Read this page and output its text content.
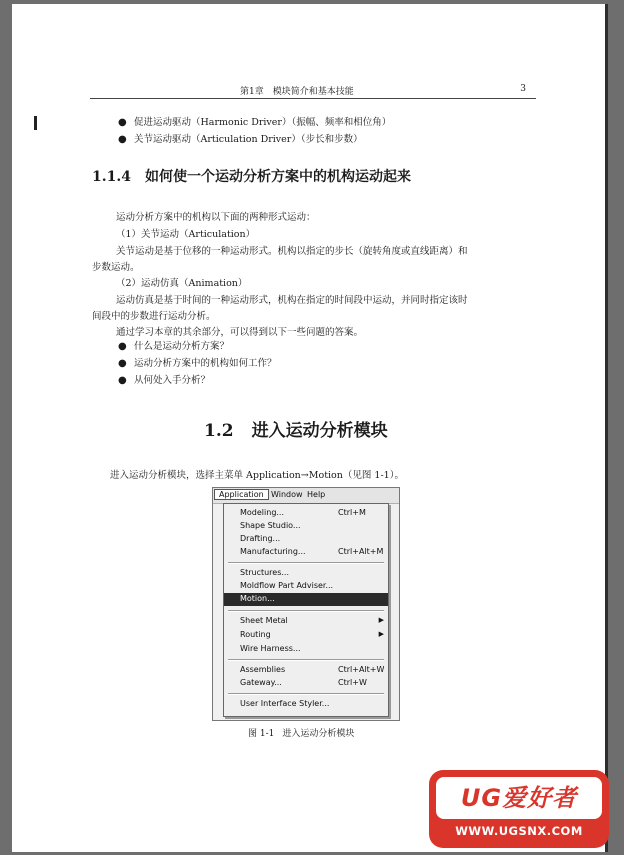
第1章　模块简介和基本技能	3
● 促进运动驱动（Harmonic Driver）（振幅、频率和相位角）
● 关节运动驱动（Articulation Driver）（步长和步数）
1.1.4 如何使一个运动分析方案中的机构运动起来
运动分析方案中的机构以下面的两种形式运动：
（1）关节运动（Articulation）
关节运动是基于位移的一种运动形式。机构以指定的步长（旋转角度或直线距离）和
步数运动。
（2）运动仿真（Animation）
运动仿真是基于时间的一种运动形式，机构在指定的时间段中运动，并同时指定该时
间段中的步数进行运动分析。
通过学习本章的其余部分，可以得到以下一些问题的答案。
● 什么是运动分析方案？
● 运动分析方案中的机构如何工作？
● 从何处入手分析？
1.2 进入运动分析模块
进入运动分析模块，选择主菜单 Application→Motion（见图 1-1）。
Application Window Help
Modeling...	Ctrl+M
Shape Studio...
Drafting...
Manufacturing...	Ctrl+Alt+M
Structures...
Moldflow Part Adviser...
Motion...
Sheet Metal	▶
Routing	▶
Wire Harness...
Assemblies	Ctrl+Alt+W
Gateway...	Ctrl+W
User Interface Styler...
图 1-1 进入运动分析模块
UG爱好者
WWW.UGSNX.COM
